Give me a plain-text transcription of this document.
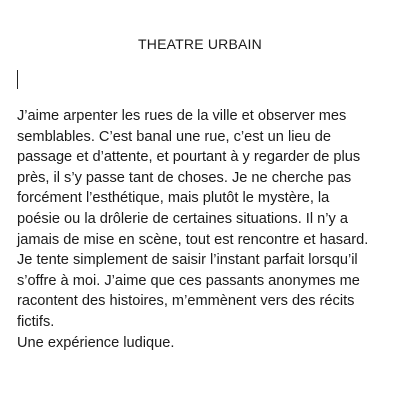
THEATRE URBAIN

J’aime arpenter les rues de la ville et observer mes
semblables. C’est banal une rue, c’est un lieu de
passage et d’attente, et pourtant à y regarder de plus
près, il s’y passe tant de choses. Je ne cherche pas
forcément l’esthétique, mais plutôt le mystère, la
poésie ou la drôlerie de certaines situations. Il n’y a
jamais de mise en scène, tout est rencontre et hasard.
Je tente simplement de saisir l’instant parfait lorsqu’il
s’offre à moi. J’aime que ces passants anonymes me
racontent des histoires, m’emmènent vers des récits
fictifs.
Une expérience ludique.
